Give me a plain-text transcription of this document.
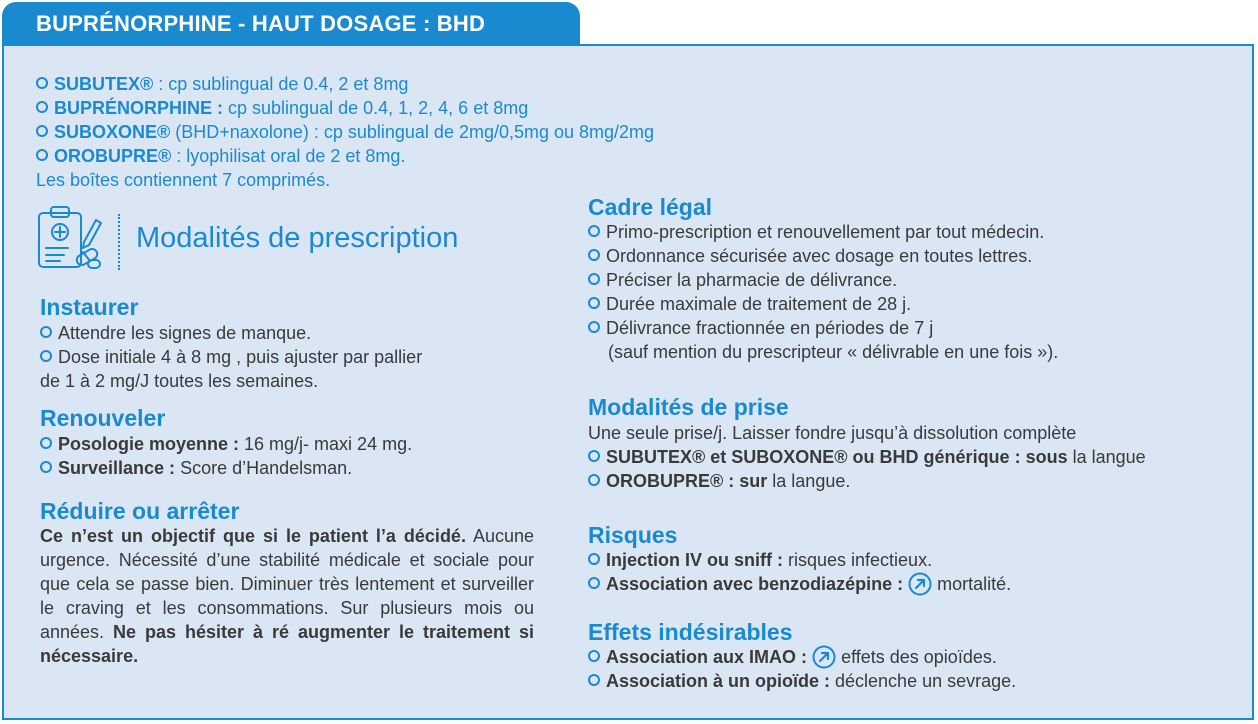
BUPRÉNORPHINE - HAUT DOSAGE : BHD
SUBUTEX® : cp sublingual de 0.4, 2 et 8mg
BUPRÉNORPHINE : cp sublingual de 0.4, 1, 2, 4, 6 et 8mg
SUBOXONE® (BHD+naxolone) : cp sublingual de 2mg/0,5mg ou 8mg/2mg
OROBUPRE® : lyophilisat oral de 2 et 8mg.
Les boîtes contiennent 7 comprimés.
Modalités de prescription
Instaurer
Attendre les signes de manque.
Dose initiale 4 à 8 mg , puis ajuster par pallier
de 1 à 2 mg/J toutes les semaines.
Renouveler
Posologie moyenne : 16 mg/j- maxi 24 mg.
Surveillance : Score d’Handelsman.
Réduire ou arrêter
Ce n’est un objectif que si le patient l’a décidé. Aucune urgence. Nécessité d’une stabilité médicale et sociale pour que cela se passe bien. Diminuer très lentement et surveiller le craving et les consommations. Sur plusieurs mois ou années. Ne pas hésiter à ré augmenter le traitement si nécessaire.
Cadre légal
Primo-prescription et renouvellement par tout médecin.
Ordonnance sécurisée avec dosage en toutes lettres.
Préciser la pharmacie de délivrance.
Durée maximale de traitement de 28 j.
Délivrance fractionnée en périodes de 7 j
(sauf mention du prescripteur « délivrable en une fois »).
Modalités de prise
Une seule prise/j. Laisser fondre jusqu’à dissolution complète
SUBUTEX® et SUBOXONE® ou BHD générique : sous la langue
OROBUPRE® : sur la langue.
Risques
Injection IV ou sniff : risques infectieux.
Association avec benzodiazépine :  mortalité.
Effets indésirables
Association aux IMAO :  effets des opioïdes.
Association à un opioïde : déclenche un sevrage.
